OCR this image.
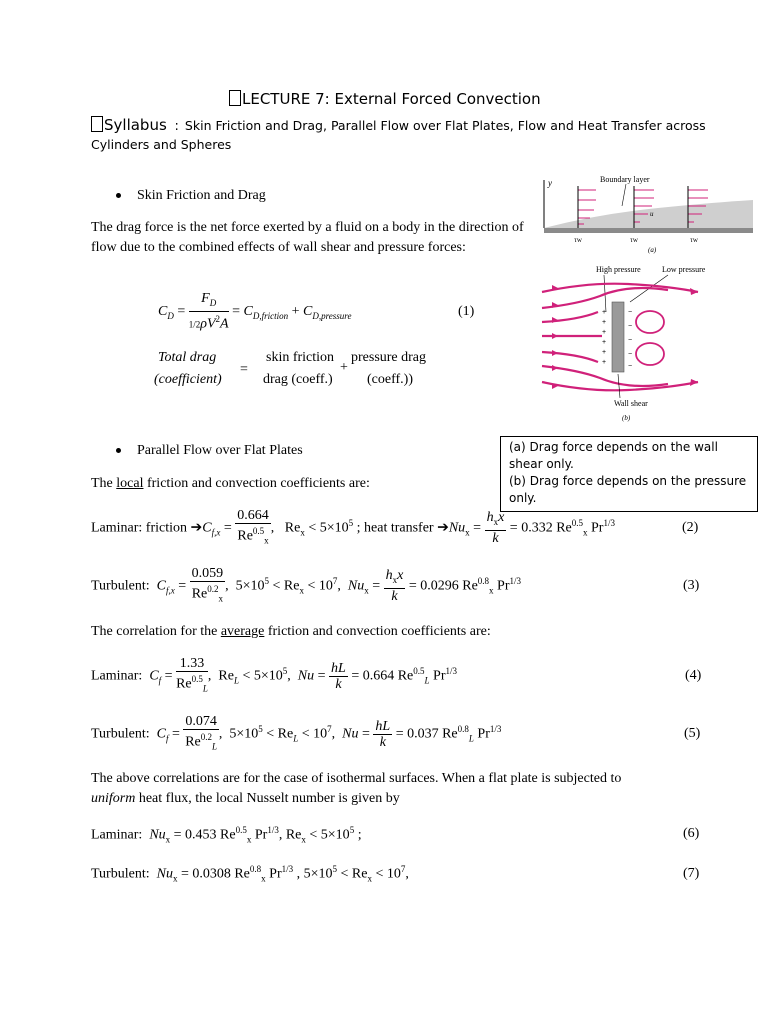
LECTURE 7: External Forced Convection
Syllabus : Skin Friction and Drag, Parallel Flow over Flat Plates, Flow and Heat Transfer across Cylinders and Spheres
Skin Friction and Drag
The drag force is the net force exerted by a fluid on a body in the direction of flow due to the combined effects of wall shear and pressure forces:
$C_D = \frac{F_D}{1/2\rho V^2A} = C_{D,friction} + C_{D,pressure}$	(1)
Total drag
(coefficient)
=
skin friction
drag (coeff.)
+
pressure drag
(coeff.))
y	Boundary layer
u
τw	τw	τw
(a)
High pressure	Low pressure
+
+
+
+
+
+
−
−
−
−
−
Wall shear
(b)
(a) Drag force depends on the wall shear only.
(b) Drag force depends on the pressure only.
Parallel Flow over Flat Plates
The local friction and convection coefficients are:
Laminar: friction $➔C_{f,x} = \frac{0.664}{Re^{0.5}_x}$ ,   $Re_x < 5\times 10^5$ ; heat transfer $➔Nu_x = \frac{h_xx}{k} = 0.332$ $Re^{0.5}_x$ $Pr^{1/3}$	(2)
Turbulent: $C_{f,x} = \frac{0.059}{Re^{0.2}_x}$ ,  $5\times 10^5 < Re_x < 10^7$,  $Nu_x = \frac{h_xx}{k} = 0.0296$ $Re^{0.8}_x$ $Pr^{1/3}$	(3)
The correlation for the average friction and convection coefficients are:
Laminar: $C_f = \frac{1.33}{Re^{0.5}_L}$ ,  $Re_L < 5\times 10^5$,  $Nu = \frac{hL}{k} = 0.664$ $Re^{0.5}_L$ $Pr^{1/3}$	(4)
Turbulent: $C_f = \frac{0.074}{Re^{0.2}_L}$ ,  $5\times 10^5 < Re_L < 10^7$,  $Nu = \frac{hL}{k} = 0.037$ $Re^{0.8}_L$ $Pr^{1/3}$	(5)
The above correlations are for the case of isothermal surfaces. When a flat plate is subjected to
uniform heat flux, the local Nusselt number is given by
Laminar: $Nu_x = 0.453$ $Re^{0.5}_x$ $Pr^{1/3}$, $Re_x < 5\times 10^5$ ;	(6)
Turbulent: $Nu_x = 0.0308$ $Re^{0.8}_x$ $Pr^{1/3}$ , $5\times 10^5 < Re_x < 10^7$,	(7)
